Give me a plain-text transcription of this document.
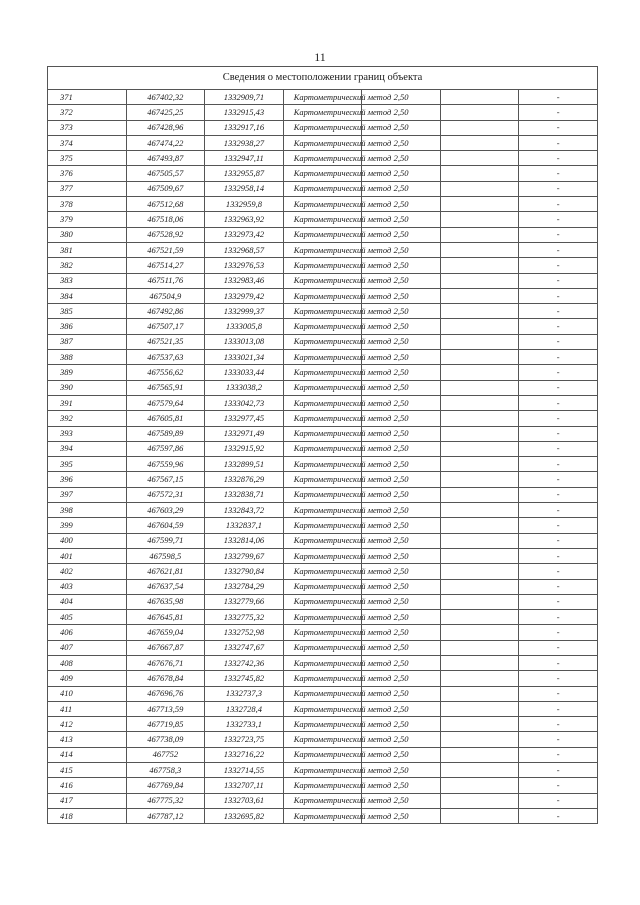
11
Сведения о местоположении границ объекта						
371	467402,32	1332909,71	Картометрический метод	2,50		-
372	467425,25	1332915,43	Картометрический метод	2,50		-
373	467428,96	1332917,16	Картометрический метод	2,50		-
374	467474,22	1332938,27	Картометрический метод	2,50		-
375	467493,87	1332947,11	Картометрический метод	2,50		-
376	467505,57	1332955,87	Картометрический метод	2,50		-
377	467509,67	1332958,14	Картометрический метод	2,50		-
378	467512,68	1332959,8	Картометрический метод	2,50		-
379	467518,06	1332963,92	Картометрический метод	2,50		-
380	467528,92	1332973,42	Картометрический метод	2,50		-
381	467521,59	1332968,57	Картометрический метод	2,50		-
382	467514,27	1332976,53	Картометрический метод	2,50		-
383	467511,76	1332983,46	Картометрический метод	2,50		-
384	467504,9	1332979,42	Картометрический метод	2,50		-
385	467492,86	1332999,37	Картометрический метод	2,50		-
386	467507,17	1333005,8	Картометрический метод	2,50		-
387	467521,35	1333013,08	Картометрический метод	2,50		-
388	467537,63	1333021,34	Картометрический метод	2,50		-
389	467556,62	1333033,44	Картометрический метод	2,50		-
390	467565,91	1333038,2	Картометрический метод	2,50		-
391	467579,64	1333042,73	Картометрический метод	2,50		-
392	467605,81	1332977,45	Картометрический метод	2,50		-
393	467589,89	1332971,49	Картометрический метод	2,50		-
394	467597,86	1332915,92	Картометрический метод	2,50		-
395	467559,96	1332899,51	Картометрический метод	2,50		-
396	467567,15	1332876,29	Картометрический метод	2,50		-
397	467572,31	1332838,71	Картометрический метод	2,50		-
398	467603,29	1332843,72	Картометрический метод	2,50		-
399	467604,59	1332837,1	Картометрический метод	2,50		-
400	467599,71	1332814,06	Картометрический метод	2,50		-
401	467598,5	1332799,67	Картометрический метод	2,50		-
402	467621,81	1332790,84	Картометрический метод	2,50		-
403	467637,54	1332784,29	Картометрический метод	2,50		-
404	467635,98	1332779,66	Картометрический метод	2,50		-
405	467645,81	1332775,32	Картометрический метод	2,50		-
406	467659,04	1332752,98	Картометрический метод	2,50		-
407	467667,87	1332747,67	Картометрический метод	2,50		-
408	467676,71	1332742,36	Картометрический метод	2,50		-
409	467678,84	1332745,82	Картометрический метод	2,50		-
410	467696,76	1332737,3	Картометрический метод	2,50		-
411	467713,59	1332728,4	Картометрический метод	2,50		-
412	467719,85	1332733,1	Картометрический метод	2,50		-
413	467738,09	1332723,75	Картометрический метод	2,50		-
414	467752	1332716,22	Картометрический метод	2,50		-
415	467758,3	1332714,55	Картометрический метод	2,50		-
416	467769,84	1332707,11	Картометрический метод	2,50		-
417	467775,32	1332703,61	Картометрический метод	2,50		-
418	467787,12	1332695,82	Картометрический метод	2,50		-
